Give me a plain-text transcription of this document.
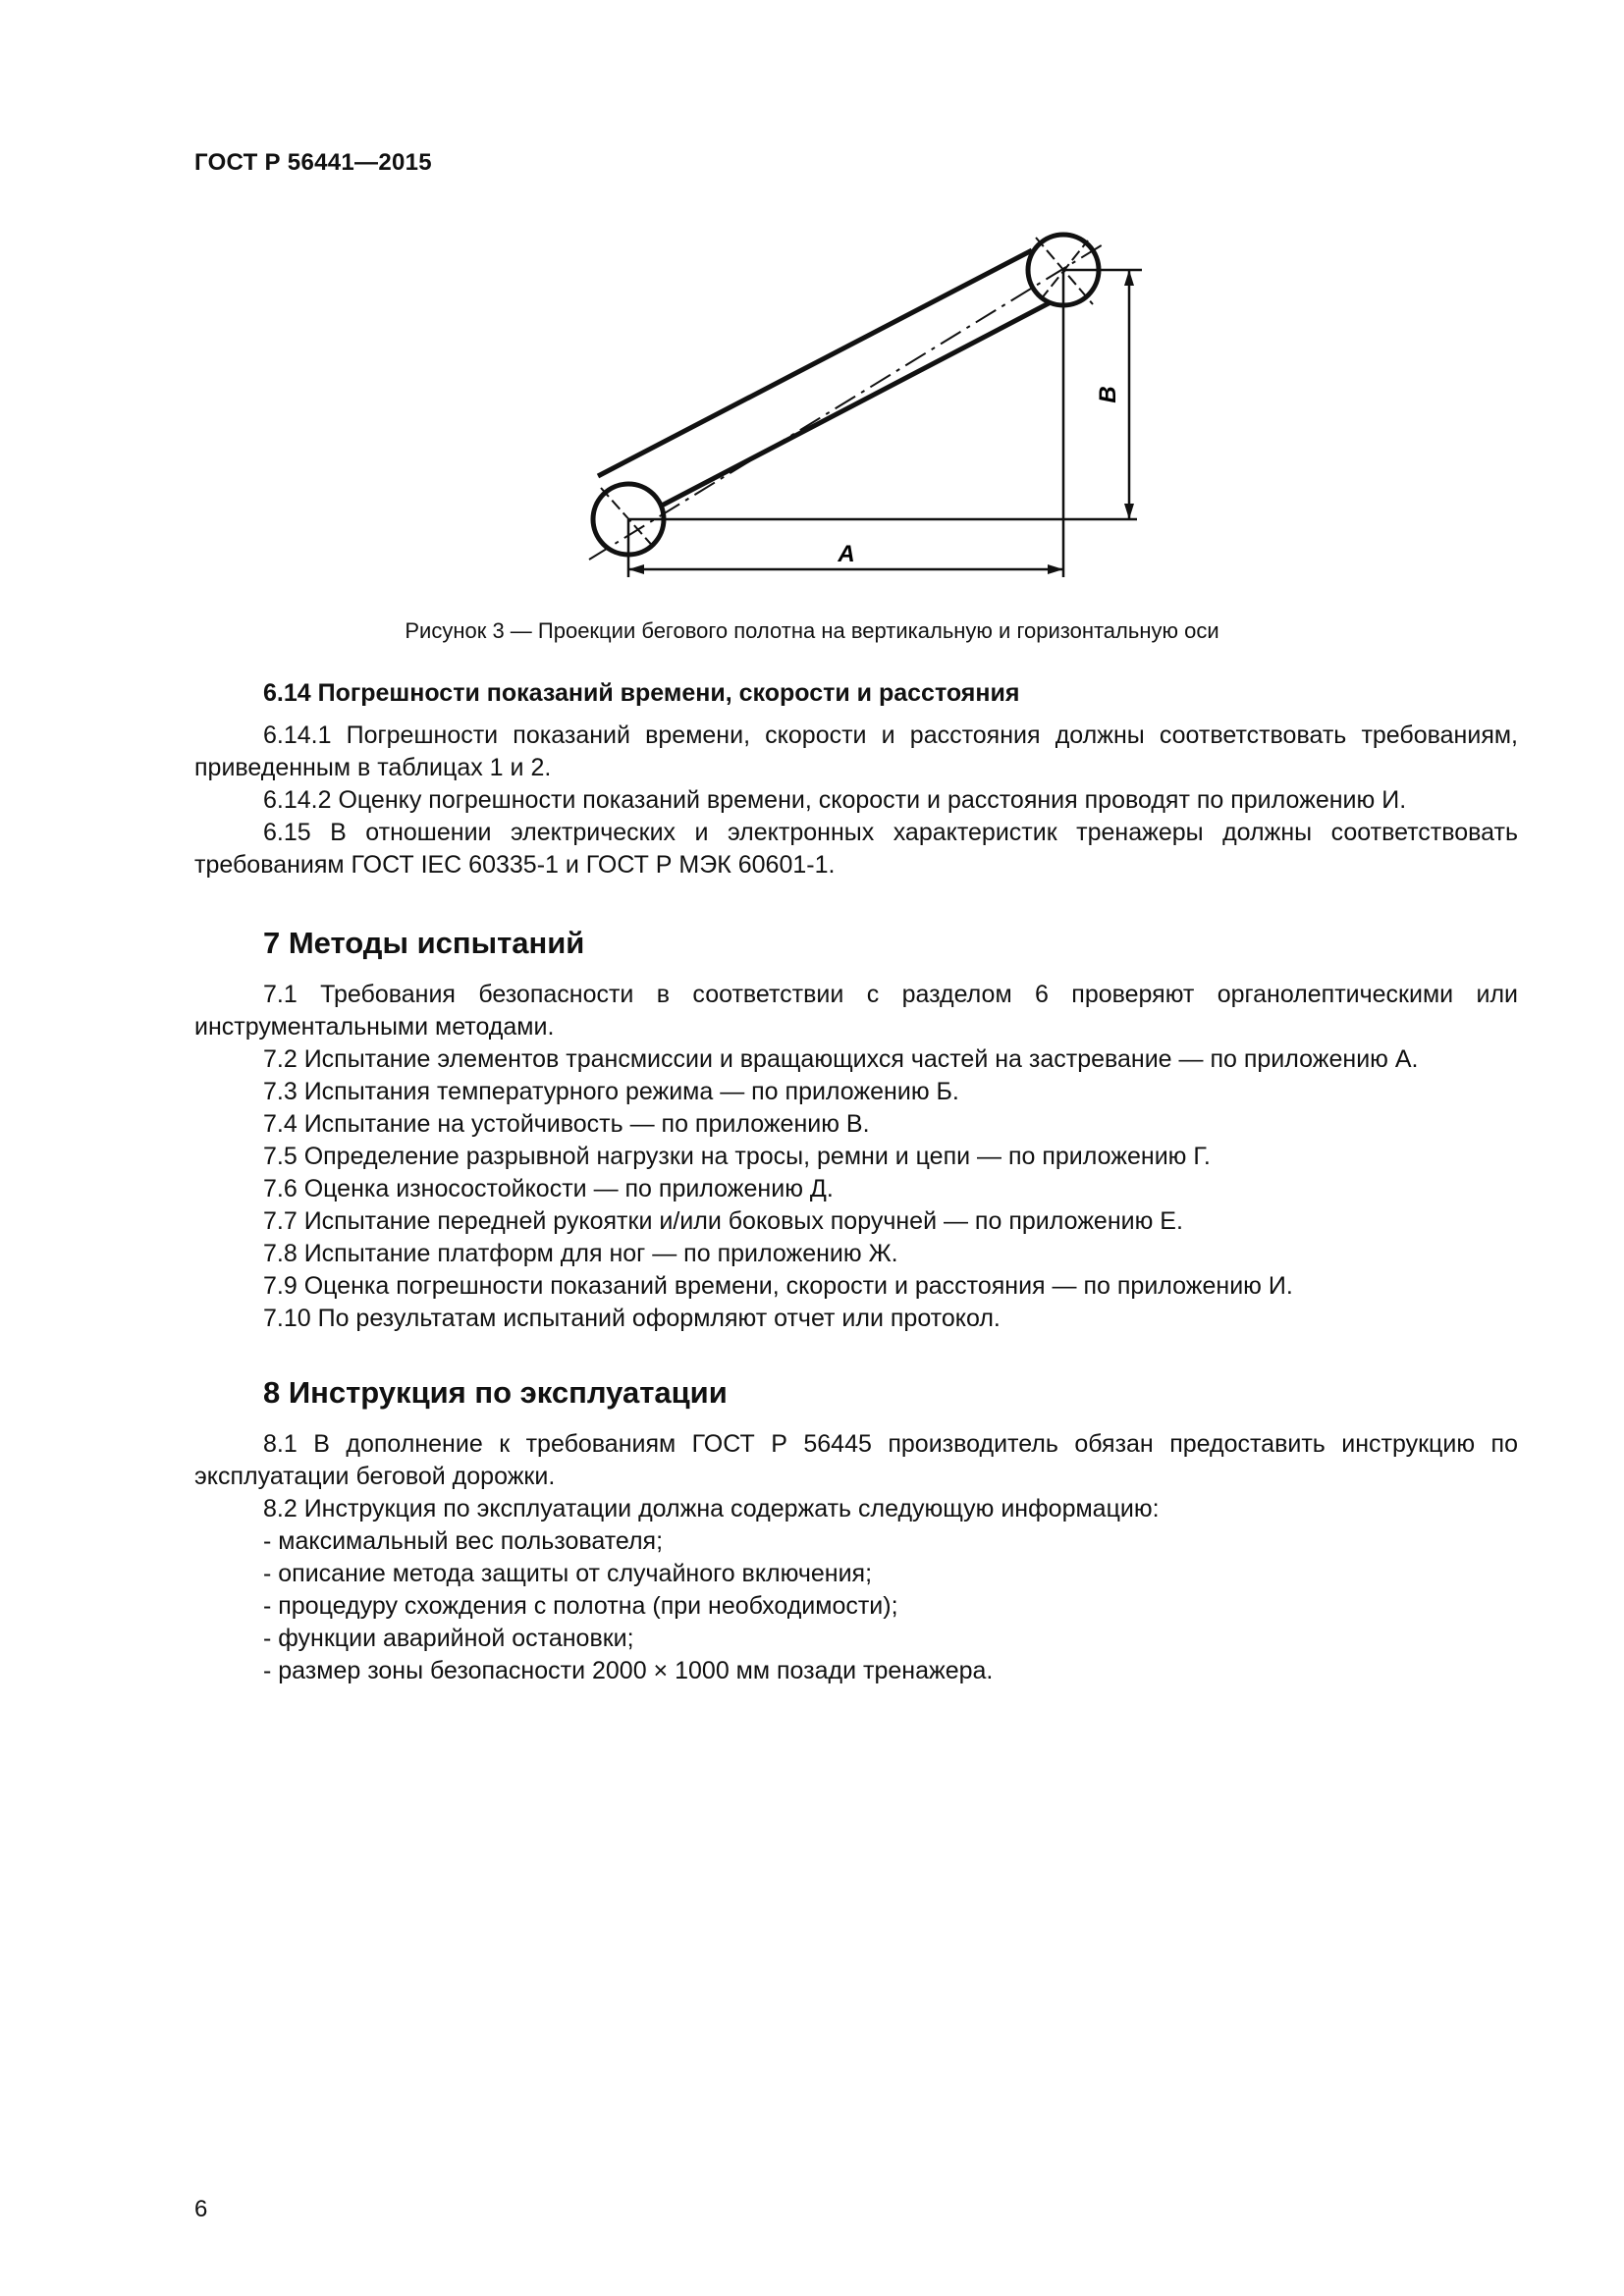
ГОСТ Р 56441—2015
A
B
Рисунок 3 — Проекции бегового полотна на вертикальную и горизонтальную оси
6.14 Погрешности показаний времени, скорости и расстояния

6.14.1 Погрешности показаний времени, скорости и расстояния должны соответствовать требованиям, приведенным в таблицах 1 и 2.

6.14.2 Оценку погрешности показаний времени, скорости и расстояния проводят по приложению И.

6.15 В отношении электрических и электронных характеристик тренажеры должны соответствовать требованиям ГОСТ IEC 60335-1 и ГОСТ Р МЭК 60601-1.

7 Методы испытаний

7.1 Требования безопасности в соответствии с разделом 6 проверяют органолептическими или инструментальными методами.

7.2 Испытание элементов трансмиссии и вращающихся частей на застревание — по приложению А.

7.3 Испытания температурного режима — по приложению Б.

7.4 Испытание на устойчивость — по приложению В.

7.5 Определение разрывной нагрузки на тросы, ремни и цепи — по приложению Г.

7.6 Оценка износостойкости — по приложению Д.

7.7 Испытание передней рукоятки и/или боковых поручней — по приложению Е.

7.8 Испытание платформ для ног — по приложению Ж.

7.9 Оценка погрешности показаний времени, скорости и расстояния — по приложению И.

7.10 По результатам испытаний оформляют отчет или протокол.

8 Инструкция по эксплуатации

8.1 В дополнение к требованиям ГОСТ Р 56445 производитель обязан предоставить инструкцию по эксплуатации беговой дорожки.

8.2 Инструкция по эксплуатации должна содержать следующую информацию:

- максимальный вес пользователя;
- описание метода защиты от случайного включения;
- процедуру схождения с полотна (при необходимости);
- функции аварийной остановки;
- размер зоны безопасности 2000 × 1000 мм позади тренажера.
6
